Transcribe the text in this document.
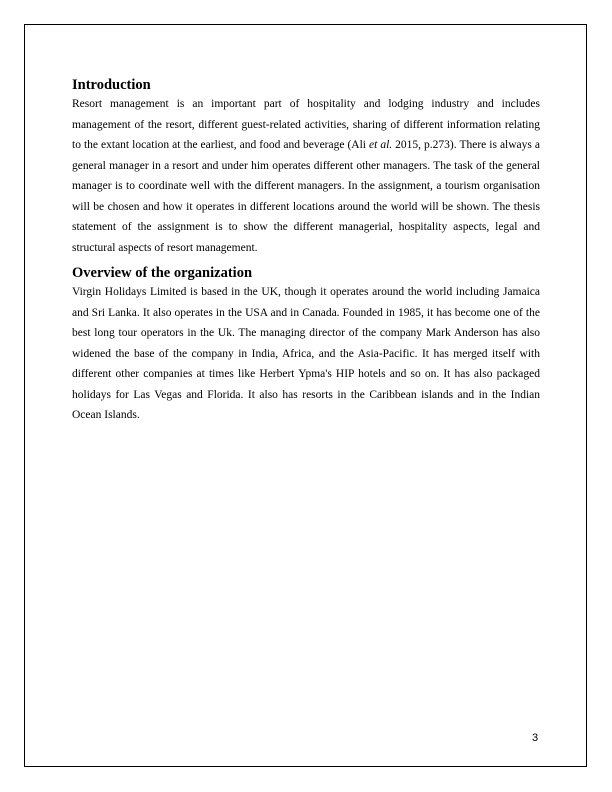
Introduction

Resort management is an important part of hospitality and lodging industry and includes management of the resort, different guest-related activities, sharing of different information relating to the extant location at the earliest, and food and beverage (Ali et al. 2015, p.273). There is always a general manager in a resort and under him operates different other managers. The task of the general manager is to coordinate well with the different managers. In the assignment, a tourism organisation will be chosen and how it operates in different locations around the world will be shown. The thesis statement of the assignment is to show the different managerial, hospitality aspects, legal and structural aspects of resort management.

Overview of the organization

Virgin Holidays Limited is based in the UK, though it operates around the world including Jamaica and Sri Lanka. It also operates in the USA and in Canada. Founded in 1985, it has become one of the best long tour operators in the Uk. The managing director of the company Mark Anderson has also widened the base of the company in India, Africa, and the Asia-Pacific. It has merged itself with different other companies at times like Herbert Ypma's HIP hotels and so on. It has also packaged holidays for Las Vegas and Florida. It also has resorts in the Caribbean islands and in the Indian Ocean Islands.

3
